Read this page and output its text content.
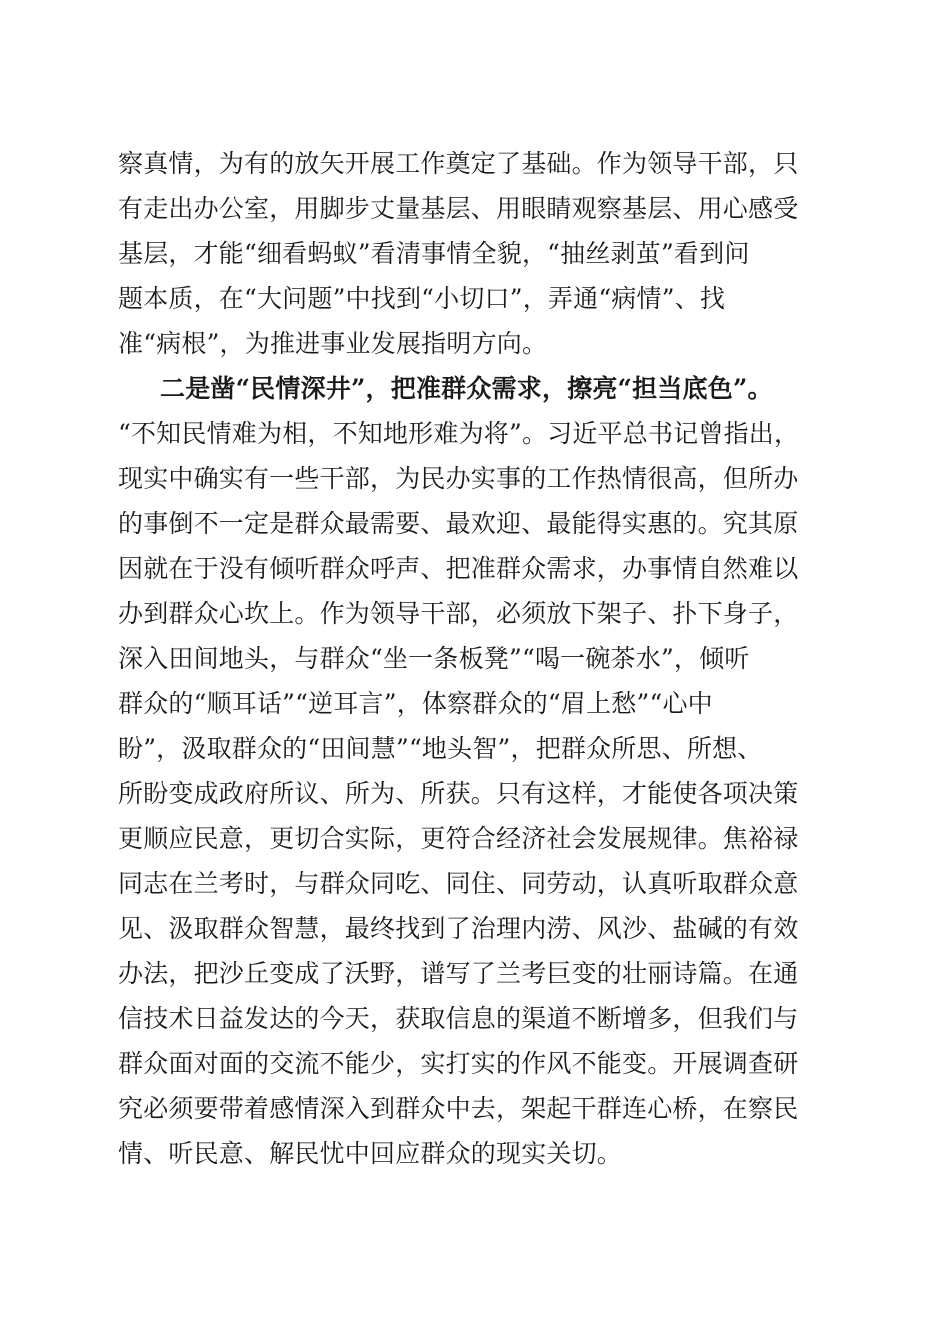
察真情，为有的放矢开展工作奠定了基础。作为领导干部，只
有走出办公室，用脚步丈量基层、用眼睛观察基层、用心感受
基层，才能“细看蚂蚁”看清事情全貌，“抽丝剥茧”看到问
题本质，在“大问题”中找到“小切口”，弄通“病情”、找
准“病根”，为推进事业发展指明方向。
二是凿“民情深井”，把准群众需求，擦亮“担当底色”。
“不知民情难为相，不知地形难为将”。习近平总书记曾指出，
现实中确实有一些干部，为民办实事的工作热情很高，但所办
的事倒不一定是群众最需要、最欢迎、最能得实惠的。究其原
因就在于没有倾听群众呼声、把准群众需求，办事情自然难以
办到群众心坎上。作为领导干部，必须放下架子、扑下身子，
深入田间地头，与群众“坐一条板凳”“喝一碗茶水”，倾听
群众的“顺耳话”“逆耳言”，体察群众的“眉上愁”“心中
盼”，汲取群众的“田间慧”“地头智”，把群众所思、所想、
所盼变成政府所议、所为、所获。只有这样，才能使各项决策
更顺应民意，更切合实际，更符合经济社会发展规律。焦裕禄
同志在兰考时，与群众同吃、同住、同劳动，认真听取群众意
见、汲取群众智慧，最终找到了治理内涝、风沙、盐碱的有效
办法，把沙丘变成了沃野，谱写了兰考巨变的壮丽诗篇。在通
信技术日益发达的今天，获取信息的渠道不断增多，但我们与
群众面对面的交流不能少，实打实的作风不能变。开展调查研
究必须要带着感情深入到群众中去，架起干群连心桥，在察民
情、听民意、解民忧中回应群众的现实关切。
